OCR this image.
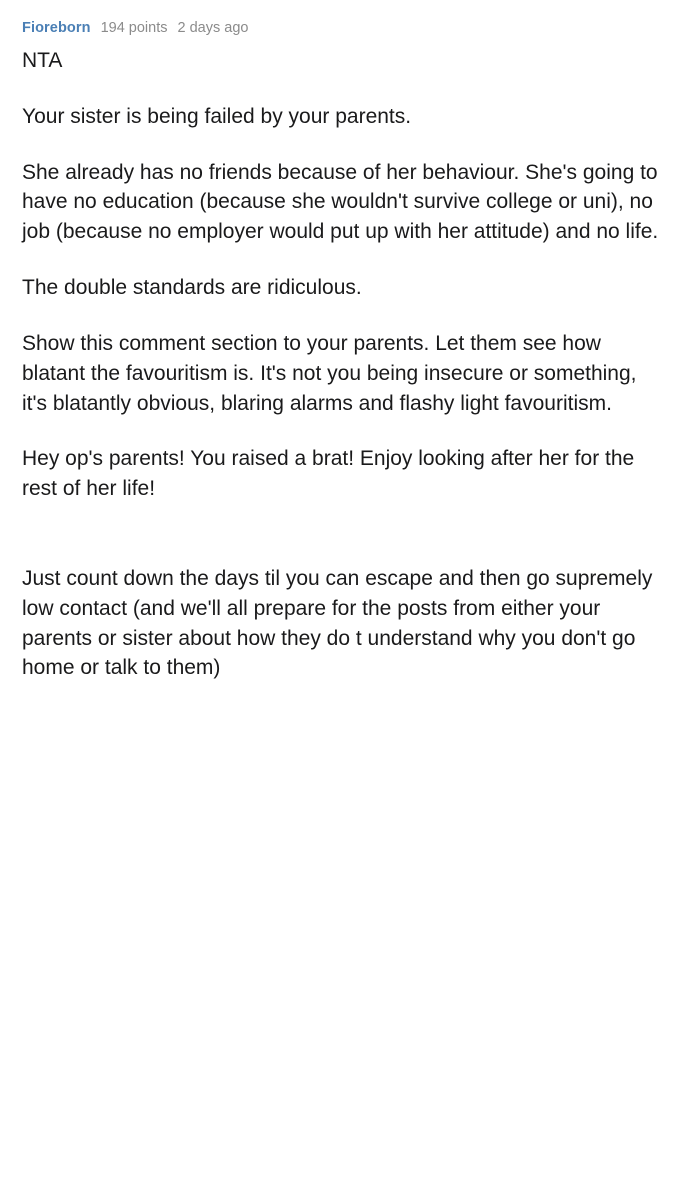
Fioreborn 194 points 2 days ago

NTA

Your sister is being failed by your parents.

She already has no friends because of her behaviour. She's going to have no education (because she wouldn't survive college or uni), no job (because no employer would put up with her attitude) and no life.

The double standards are ridiculous.

Show this comment section to your parents. Let them see how blatant the favouritism is. It's not you being insecure or something, it's blatantly obvious, blaring alarms and flashy light favouritism.

Hey op's parents! You raised a brat! Enjoy looking after her for the rest of her life!

Just count down the days til you can escape and then go supremely low contact (and we'll all prepare for the posts from either your parents or sister about how they do t understand why you don't go home or talk to them)
